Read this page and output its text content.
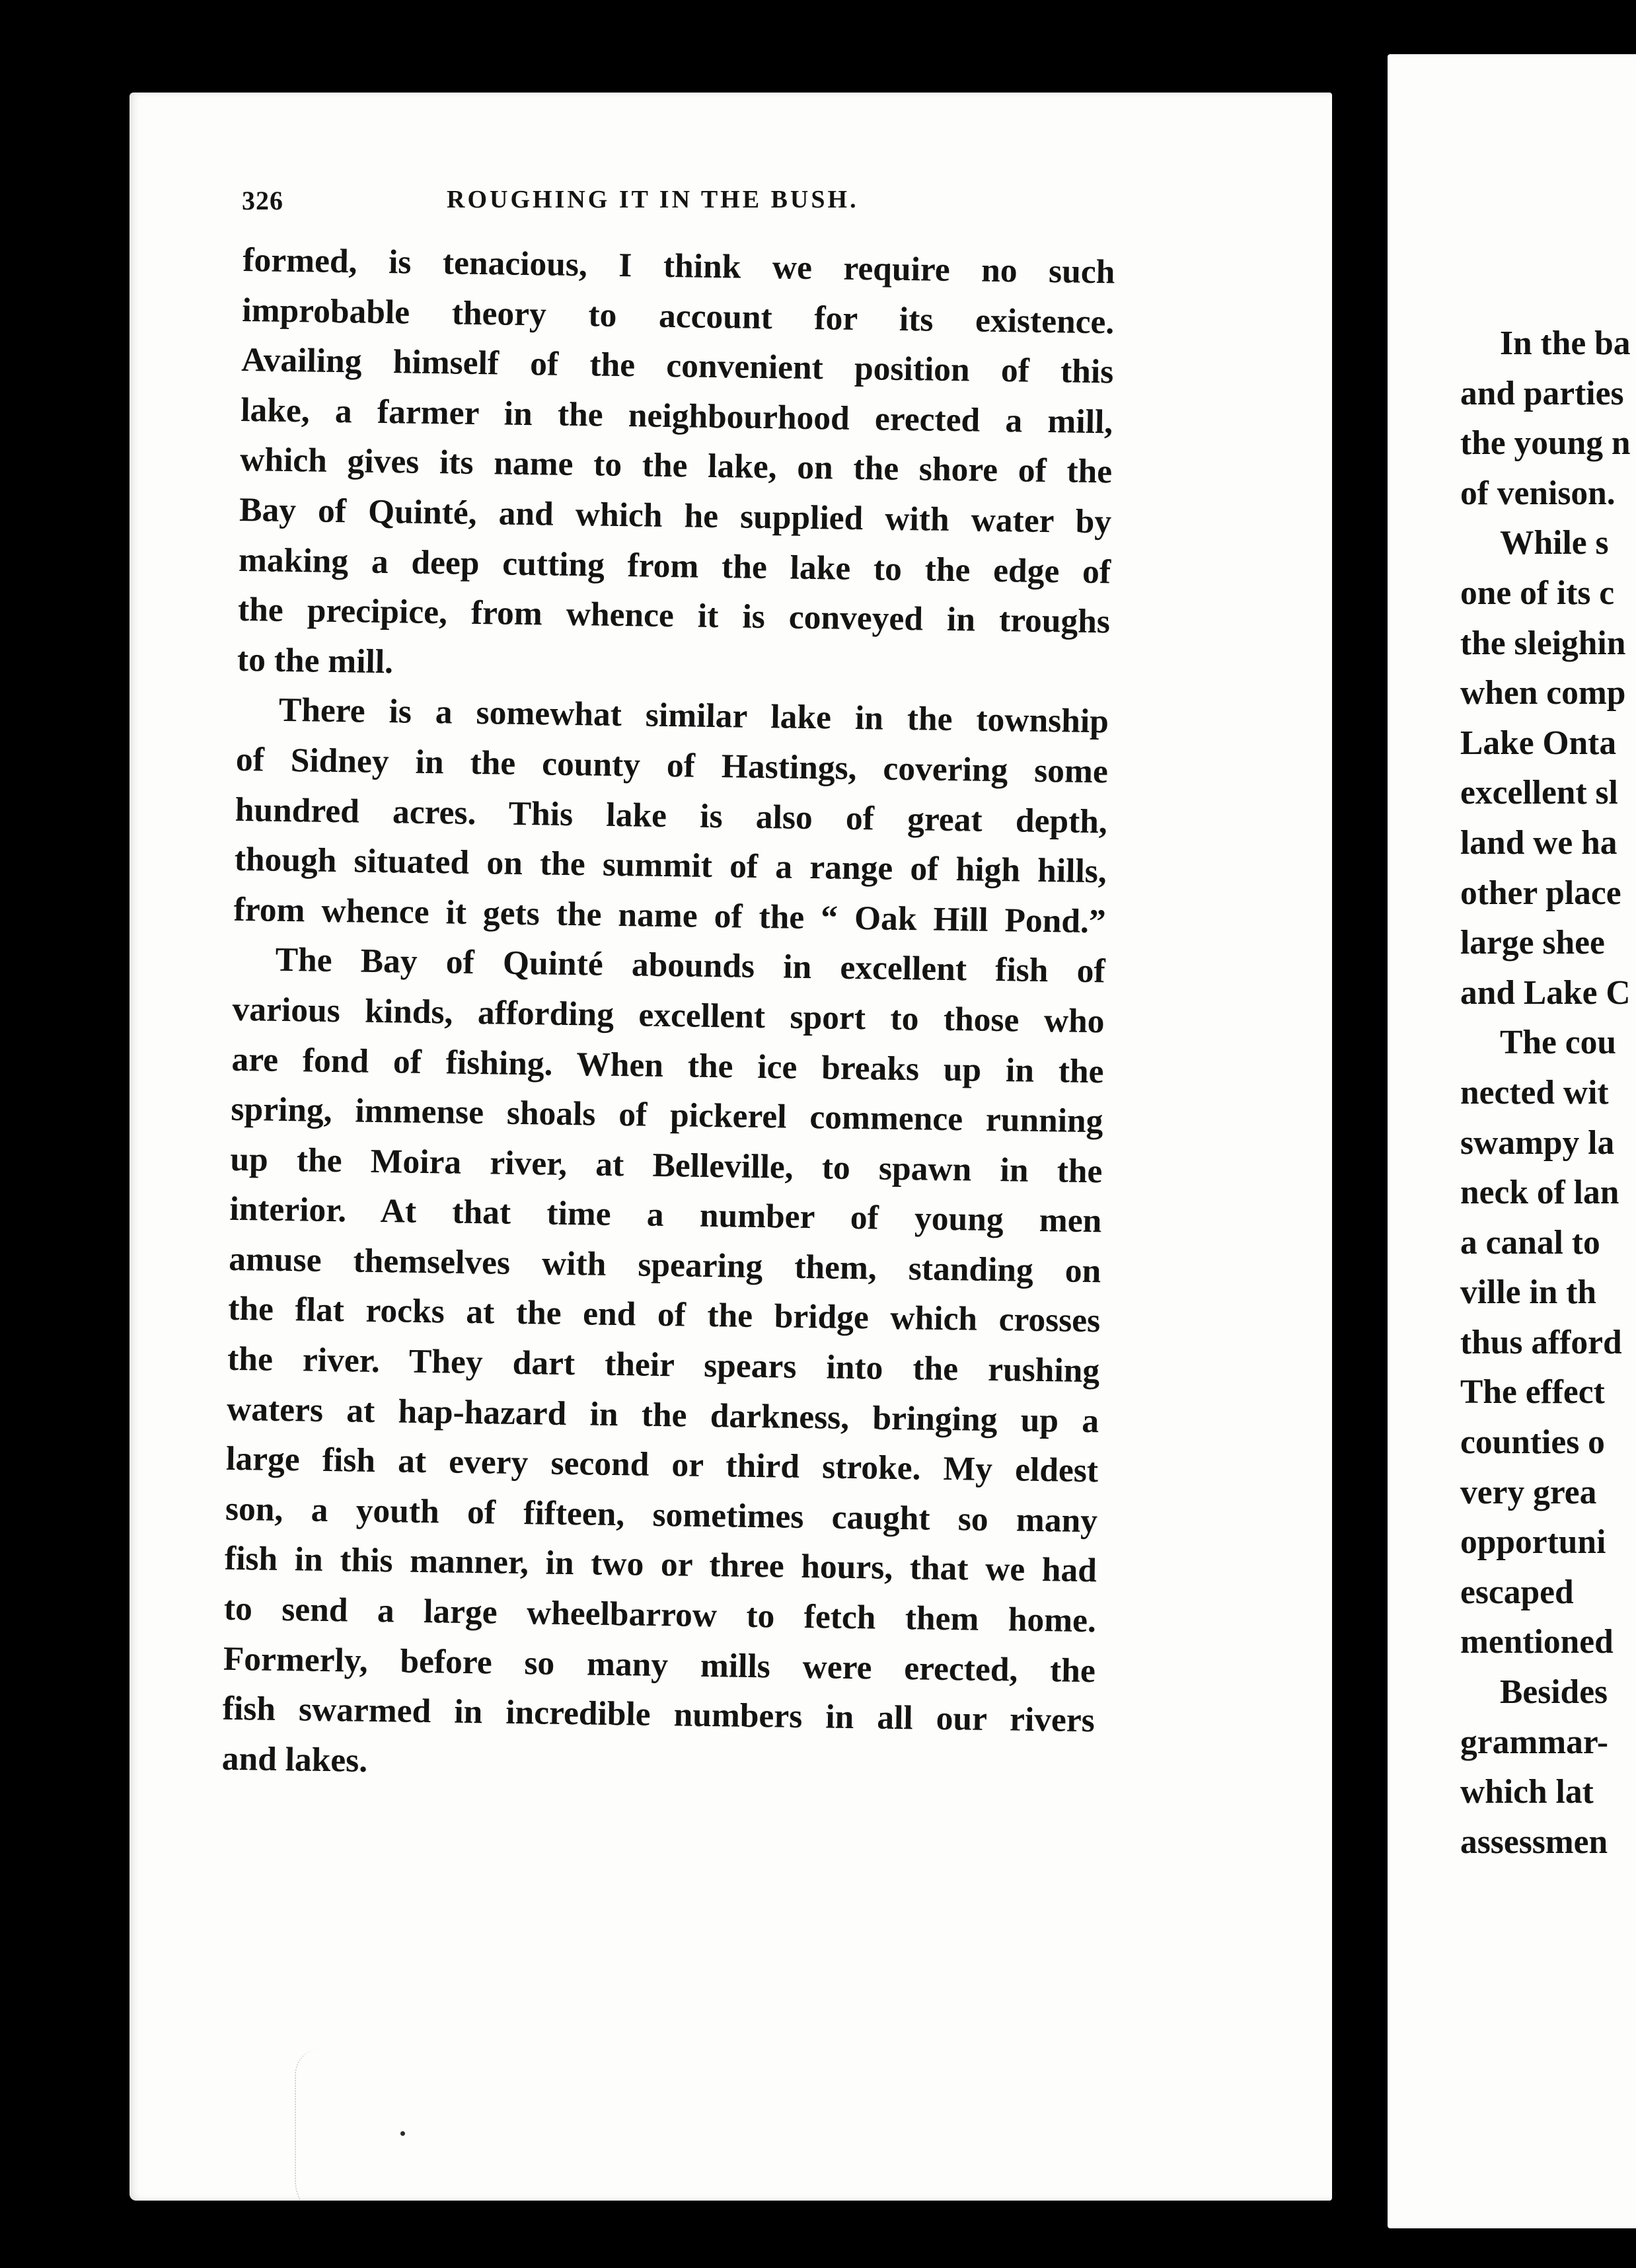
326	ROUGHING IT IN THE BUSH.
formed, is tenacious, I think we require no such
improbable theory to account for its existence.
Availing himself of the convenient position of this
lake, a farmer in the neighbourhood erected a mill,
which gives its name to the lake, on the shore of the
Bay of Quinté, and which he supplied with water by
making a deep cutting from the lake to the edge of
the precipice, from whence it is conveyed in troughs
to the mill.
There is a somewhat similar lake in the township
of Sidney in the county of Hastings, covering some
hundred acres. This lake is also of great depth,
though situated on the summit of a range of high hills,
from whence it gets the name of the “ Oak Hill Pond.”
The Bay of Quinté abounds in excellent fish of
various kinds, affording excellent sport to those who
are fond of fishing. When the ice breaks up in the
spring, immense shoals of pickerel commence running
up the Moira river, at Belleville, to spawn in the
interior. At that time a number of young men
amuse themselves with spearing them, standing on
the flat rocks at the end of the bridge which crosses
the river. They dart their spears into the rushing
waters at hap-hazard in the darkness, bringing up a
large fish at every second or third stroke. My eldest
son, a youth of fifteen, sometimes caught so many
fish in this manner, in two or three hours, that we had
to send a large wheelbarrow to fetch them home.
Formerly, before so many mills were erected, the
fish swarmed in incredible numbers in all our rivers
and lakes.
In the ba
and parties
the young n
of venison.
While s
one of its c
the sleighin
when comp
Lake Onta
excellent sl
land we ha
other place
large shee
and Lake C
The cou
nected wit
swampy la
neck of lan
a canal to
ville in th
thus afford
The effect
counties o
very grea
opportuni
escaped
mentioned
Besides
grammar-
which lat
assessmen
